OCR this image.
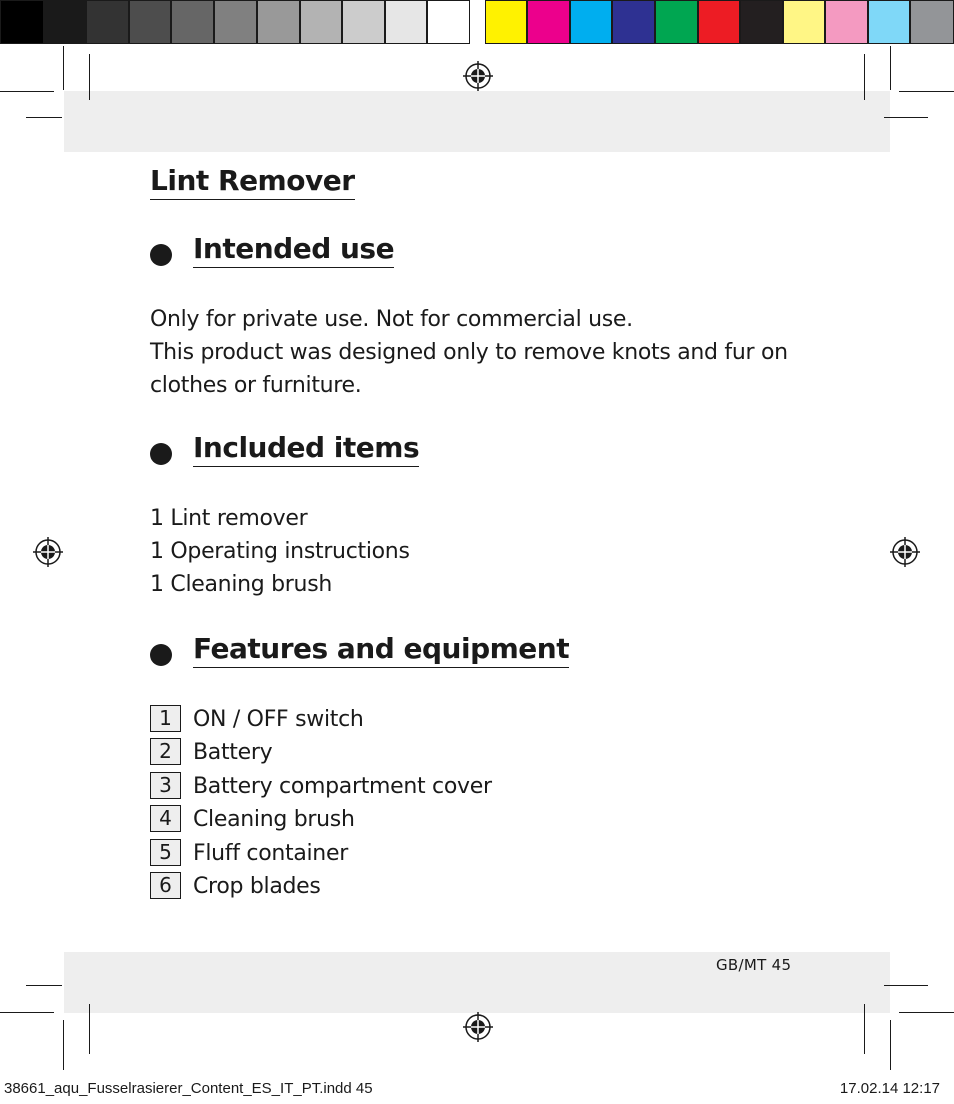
Lint Remover
Intended use
Only for private use. Not for commercial use.
This product was designed only to remove knots and fur on
clothes or furniture.
Included items
1 Lint remover
1 Operating instructions
1 Cleaning brush
Features and equipment
1 ON / OFF switch
2 Battery
3 Battery compartment cover
4 Cleaning brush
5 Fluff container
6 Crop blades
GB/MT 45
38661_aqu_Fusselrasierer_Content_ES_IT_PT.indd 45	17.02.14 12:17
